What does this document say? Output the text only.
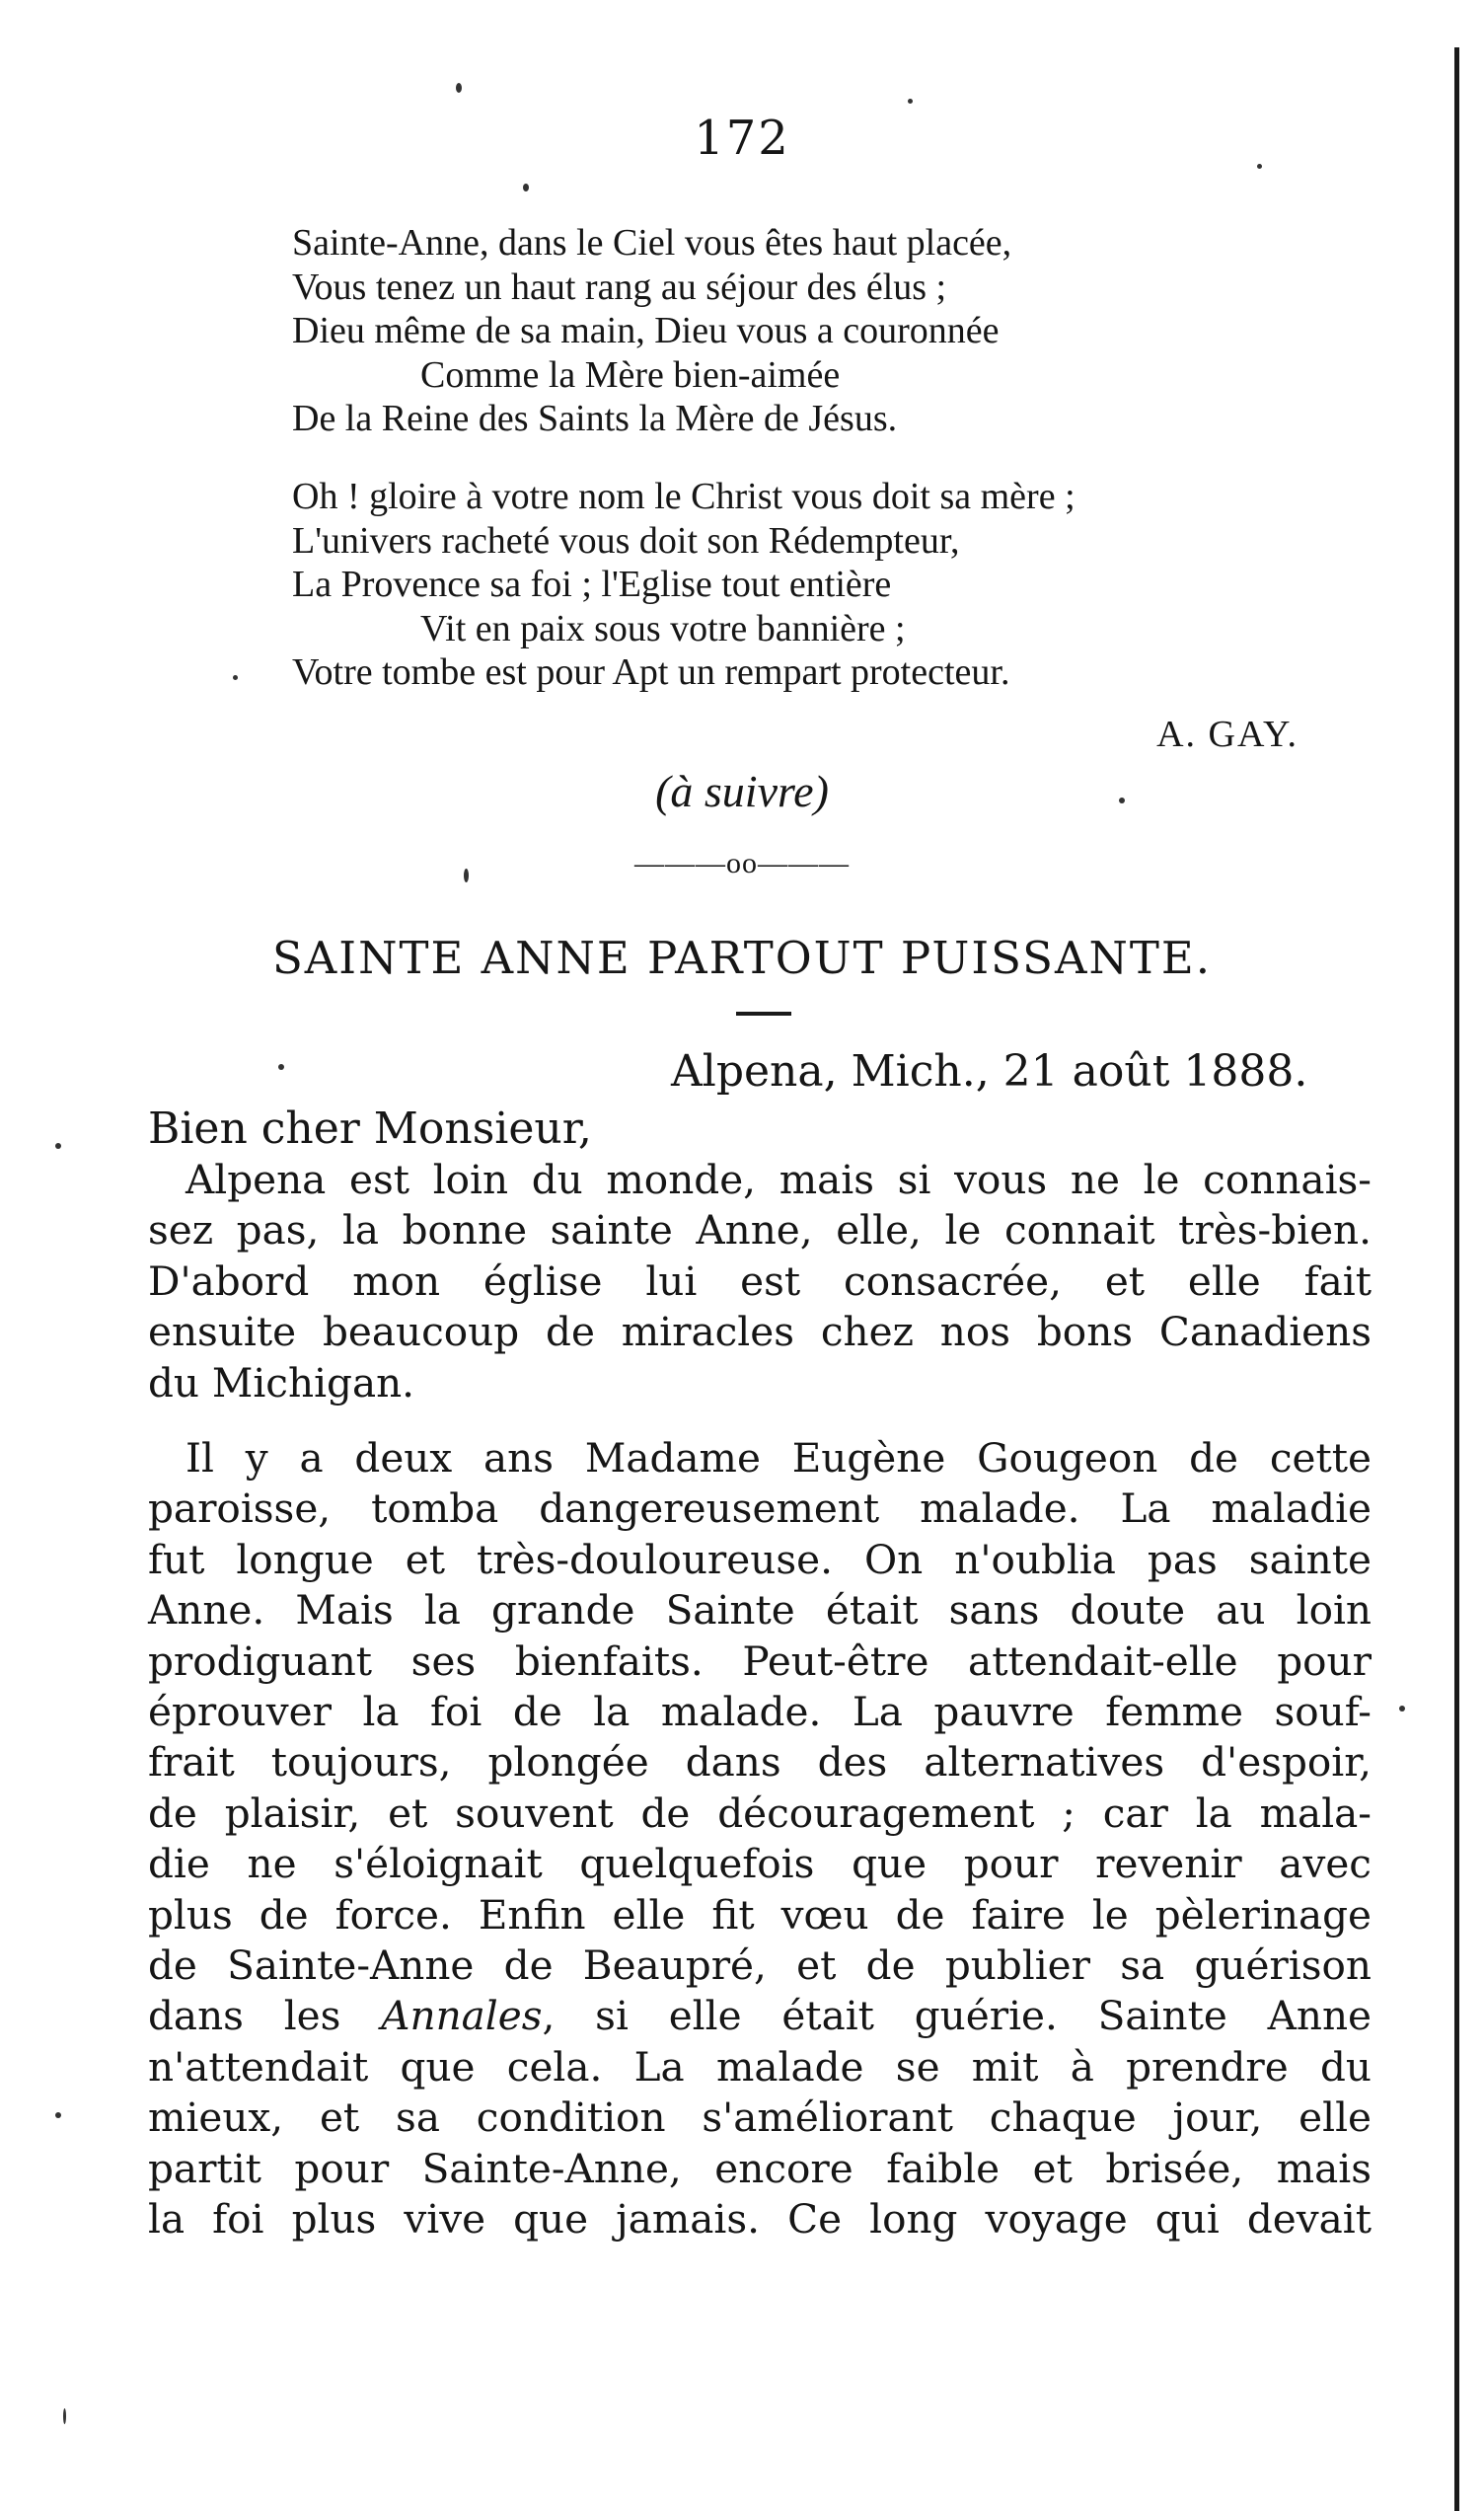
172
Sainte-Anne, dans le Ciel vous êtes haut placée,
Vous tenez un haut rang au séjour des élus ;
Dieu même de sa main, Dieu vous a couronnée
Comme la Mère bien-aimée
De la Reine des Saints la Mère de Jésus.
Oh ! gloire à votre nom le Christ vous doit sa mère ;
L'univers racheté vous doit son Rédempteur,
La Provence sa foi ; l'Eglise tout entière
Vit en paix sous votre bannière ;
Votre tombe est pour Apt un rempart protecteur.
A. GAY.
(à suivre)
———oo———
SAINTE ANNE PARTOUT PUISSANTE.
Alpena, Mich., 21 août 1888.
Bien cher Monsieur,
Alpena est loin du monde, mais si vous ne le connais-
sez pas, la bonne sainte Anne, elle, le connait très-bien.
D'abord mon église lui est consacrée, et elle fait
ensuite beaucoup de miracles chez nos bons Canadiens
du Michigan.
Il y a deux ans Madame Eugène Gougeon de cette
paroisse, tomba dangereusement malade. La maladie
fut longue et très-douloureuse. On n'oublia pas sainte
Anne. Mais la grande Sainte était sans doute au loin
prodiguant ses bienfaits. Peut-être attendait-elle pour
éprouver la foi de la malade. La pauvre femme souf-
frait toujours, plongée dans des alternatives d'espoir,
de plaisir, et souvent de découragement ; car la mala-
die ne s'éloignait quelquefois que pour revenir avec
plus de force. Enfin elle fit vœu de faire le pèlerinage
de Sainte-Anne de Beaupré, et de publier sa guérison
dans les Annales, si elle était guérie. Sainte Anne
n'attendait que cela. La malade se mit à prendre du
mieux, et sa condition s'améliorant chaque jour, elle
partit pour Sainte-Anne, encore faible et brisée, mais
la foi plus vive que jamais. Ce long voyage qui devait
